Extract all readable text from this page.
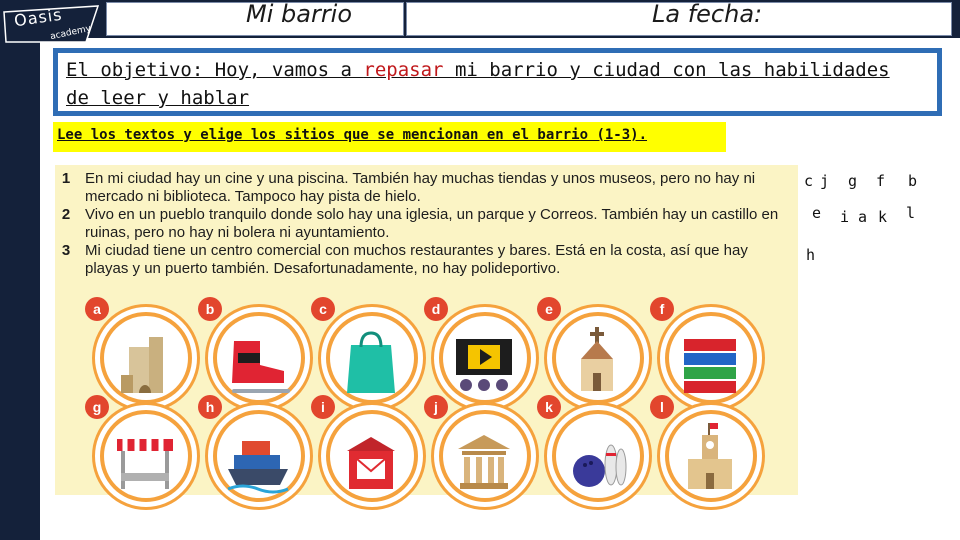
Oasis
academy
Mi barrio	La fecha:

El objetivo: Hoy, vamos a repasar mi barrio y ciudad con las habilidades

de leer y hablar

Lee los textos y elige los sitios que se mencionan en el barrio (1-3).
1 En mi ciudad hay un cine y una piscina. También hay muchas tiendas y unos museos, pero no hay ni mercado ni biblioteca. Tampoco hay pista de hielo.
2 Vivo en un pueblo tranquilo donde solo hay una iglesia, un parque y Correos. También hay un castillo en ruinas, pero no hay ni bolera ni ayuntamiento.
3 Mi ciudad tiene un centro comercial con muchos restaurantes y bares. Está en la costa, así que hay playas y un puerto también. Desafortunadamente, no hay polideportivo.
a	b	c	d	e	f
g	h	i	j	k	l
c j g f b
e i a k l
h
